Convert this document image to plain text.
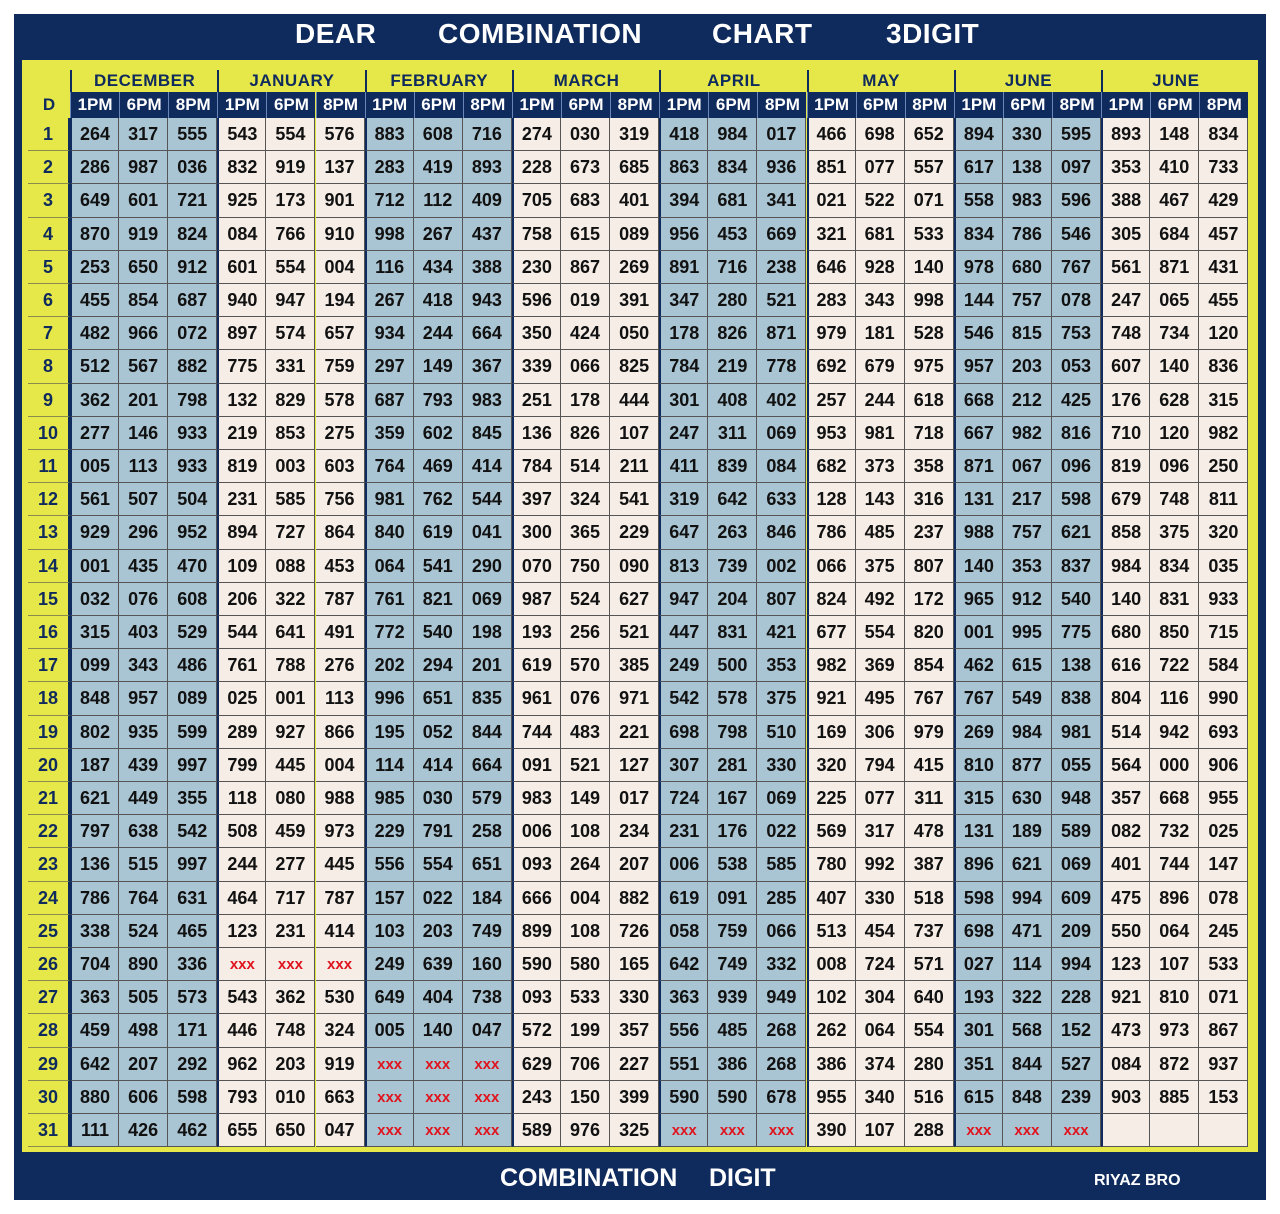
DEAR COMBINATION CHART	3DIGIT
D
DECEMBER
1PM 6PM 8PM
JANUARY
1PM 6PM 8PM
FEBRUARY
1PM 6PM 8PM
MARCH
1PM 6PM 8PM
APRIL
1PM 6PM 8PM
MAY
1PM 6PM 8PM
JUNE
1PM 6PM 8PM
JUNE
1PM 6PM 8PM
1	264	317	555	543	554	576	883	608	716	274	030	319	418	984	017	466	698	652	894	330	595	893	148	834
2	286	987	036	832	919	137	283	419	893	228	673	685	863	834	936	851	077	557	617	138	097	353	410	733
3	649	601	721	925	173	901	712	112	409	705	683	401	394	681	341	021	522	071	558	983	596	388	467	429
4	870	919	824	084	766	910	998	267	437	758	615	089	956	453	669	321	681	533	834	786	546	305	684	457
5	253	650	912	601	554	004	116	434	388	230	867	269	891	716	238	646	928	140	978	680	767	561	871	431
6	455	854	687	940	947	194	267	418	943	596	019	391	347	280	521	283	343	998	144	757	078	247	065	455
7	482	966	072	897	574	657	934	244	664	350	424	050	178	826	871	979	181	528	546	815	753	748	734	120
8	512	567	882	775	331	759	297	149	367	339	066	825	784	219	778	692	679	975	957	203	053	607	140	836
9	362	201	798	132	829	578	687	793	983	251	178	444	301	408	402	257	244	618	668	212	425	176	628	315
10	277	146	933	219	853	275	359	602	845	136	826	107	247	311	069	953	981	718	667	982	816	710	120	982
11	005	113	933	819	003	603	764	469	414	784	514	211	411	839	084	682	373	358	871	067	096	819	096	250
12	561	507	504	231	585	756	981	762	544	397	324	541	319	642	633	128	143	316	131	217	598	679	748	811
13	929	296	952	894	727	864	840	619	041	300	365	229	647	263	846	786	485	237	988	757	621	858	375	320
14	001	435	470	109	088	453	064	541	290	070	750	090	813	739	002	066	375	807	140	353	837	984	834	035
15	032	076	608	206	322	787	761	821	069	987	524	627	947	204	807	824	492	172	965	912	540	140	831	933
16	315	403	529	544	641	491	772	540	198	193	256	521	447	831	421	677	554	820	001	995	775	680	850	715
17	099	343	486	761	788	276	202	294	201	619	570	385	249	500	353	982	369	854	462	615	138	616	722	584
18	848	957	089	025	001	113	996	651	835	961	076	971	542	578	375	921	495	767	767	549	838	804	116	990
19	802	935	599	289	927	866	195	052	844	744	483	221	698	798	510	169	306	979	269	984	981	514	942	693
20	187	439	997	799	445	004	114	414	664	091	521	127	307	281	330	320	794	415	810	877	055	564	000	906
21	621	449	355	118	080	988	985	030	579	983	149	017	724	167	069	225	077	311	315	630	948	357	668	955
22	797	638	542	508	459	973	229	791	258	006	108	234	231	176	022	569	317	478	131	189	589	082	732	025
23	136	515	997	244	277	445	556	554	651	093	264	207	006	538	585	780	992	387	896	621	069	401	744	147
24	786	764	631	464	717	787	157	022	184	666	004	882	619	091	285	407	330	518	598	994	609	475	896	078
25	338	524	465	123	231	414	103	203	749	899	108	726	058	759	066	513	454	737	698	471	209	550	064	245
26	704	890	336	xxx	xxx	xxx	249	639	160	590	580	165	642	749	332	008	724	571	027	114	994	123	107	533
27	363	505	573	543	362	530	649	404	738	093	533	330	363	939	949	102	304	640	193	322	228	921	810	071
28	459	498	171	446	748	324	005	140	047	572	199	357	556	485	268	262	064	554	301	568	152	473	973	867
29	642	207	292	962	203	919	xxx	xxx	xxx	629	706	227	551	386	268	386	374	280	351	844	527	084	872	937
30	880	606	598	793	010	663	xxx	xxx	xxx	243	150	399	590	590	678	955	340	516	615	848	239	903	885	153
31	111	426	462	655	650	047	xxx	xxx	xxx	589	976	325	xxx	xxx	xxx	390	107	288	xxx	xxx	xxx
COMBINATION DIGIT	RIYAZ BRO
